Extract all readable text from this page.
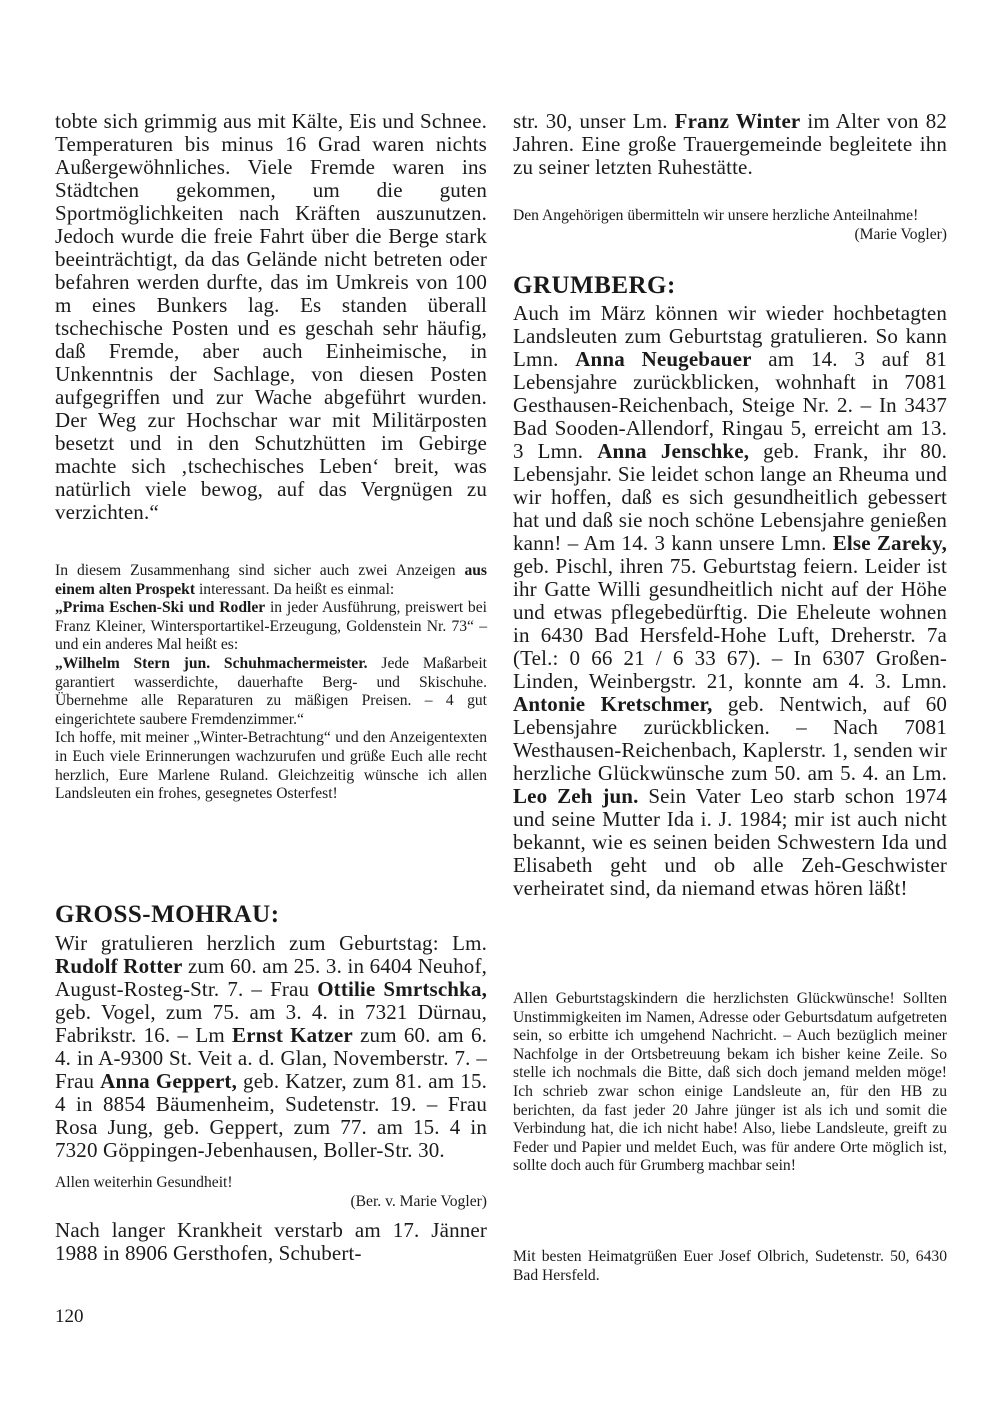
tobte sich grimmig aus mit Kälte, Eis und Schnee. Temperaturen bis minus 16 Grad waren nichts Außergewöhnliches. Viele Fremde waren ins Städtchen gekommen, um die guten Sportmöglichkeiten nach Kräften auszunutzen. Jedoch wurde die freie Fahrt über die Berge stark beeinträchtigt, da das Gelände nicht betreten oder befahren werden durfte, das im Umkreis von 100 m eines Bunkers lag. Es standen überall tschechische Posten und es geschah sehr häufig, daß Fremde, aber auch Einheimische, in Unkenntnis der Sachlage, von diesen Posten aufgegriffen und zur Wache abgeführt wurden. Der Weg zur Hochschar war mit Militärposten besetzt und in den Schutzhütten im Gebirge machte sich ‚tschechisches Leben‘ breit, was natürlich viele bewog, auf das Vergnügen zu verzichten.“

In diesem Zusammenhang sind sicher auch zwei Anzeigen aus einem alten Prospekt interessant. Da heißt es einmal:

„Prima Eschen-Ski und Rodler in jeder Ausführung, preiswert bei Franz Kleiner, Wintersportartikel-Erzeugung, Goldenstein Nr. 73“ – und ein anderes Mal heißt es:

„Wilhelm Stern jun. Schuhmachermeister. Jede Maßarbeit garantiert wasserdichte, dauerhafte Berg- und Skischuhe. Übernehme alle Reparaturen zu mäßigen Preisen. – 4 gut eingerichtete saubere Fremdenzimmer.“

Ich hoffe, mit meiner „Winter-Betrachtung“ und den Anzeigentexten in Euch viele Erinnerungen wachzurufen und grüße Euch alle recht herzlich, Eure Marlene Ruland. Gleichzeitig wünsche ich allen Landsleuten ein frohes, gesegnetes Osterfest!

GROSS-MOHRAU:

Wir gratulieren herzlich zum Geburtstag: Lm. Rudolf Rotter zum 60. am 25. 3. in 6404 Neuhof, August-Rosteg-Str. 7. – Frau Ottilie Smrtschka, geb. Vogel, zum 75. am 3. 4. in 7321 Dürnau, Fabrikstr. 16. – Lm Ernst Katzer zum 60. am 6. 4. in A-9300 St. Veit a. d. Glan, Novemberstr. 7. – Frau Anna Geppert, geb. Katzer, zum 81. am 15. 4 in 8854 Bäumenheim, Sudetenstr. 19. – Frau Rosa Jung, geb. Geppert, zum 77. am 15. 4 in 7320 Göppingen-Jebenhausen, Boller-Str. 30.

Allen weiterhin Gesundheit!
(Ber. v. Marie Vogler)

Nach langer Krankheit verstarb am 17. Jänner 1988 in 8906 Gersthofen, Schubert-

120

str. 30, unser Lm. Franz Winter im Alter von 82 Jahren. Eine große Trauergemeinde begleitete ihn zu seiner letzten Ruhestätte.

Den Angehörigen übermitteln wir unsere herzliche Anteilnahme!
(Marie Vogler)
GRUMBERG:

Auch im März können wir wieder hochbetagten Landsleuten zum Geburtstag gratulieren. So kann Lmn. Anna Neugebauer am 14. 3 auf 81 Lebensjahre zurückblicken, wohnhaft in 7081 Gesthausen-Reichenbach, Steige Nr. 2. – In 3437 Bad Sooden-Allendorf, Ringau 5, erreicht am 13. 3 Lmn. Anna Jenschke, geb. Frank, ihr 80. Lebensjahr. Sie leidet schon lange an Rheuma und wir hoffen, daß es sich gesundheitlich gebessert hat und daß sie noch schöne Lebensjahre genießen kann! – Am 14. 3 kann unsere Lmn. Else Zareky, geb. Pischl, ihren 75. Geburtstag feiern. Leider ist ihr Gatte Willi gesundheitlich nicht auf der Höhe und etwas pflegebedürftig. Die Eheleute wohnen in 6430 Bad Hersfeld-Hohe Luft, Dreherstr. 7a (Tel.: 0 66 21 / 6 33 67). – In 6307 Großen-Linden, Weinbergstr. 21, konnte am 4. 3. Lmn. Antonie Kretschmer, geb. Nentwich, auf 60 Lebensjahre zurückblicken. – Nach 7081 Westhausen-Reichenbach, Kaplerstr. 1, senden wir herzliche Glückwünsche zum 50. am 5. 4. an Lm. Leo Zeh jun. Sein Vater Leo starb schon 1974 und seine Mutter Ida i. J. 1984; mir ist auch nicht bekannt, wie es seinen beiden Schwestern Ida und Elisabeth geht und ob alle Zeh-Geschwister verheiratet sind, da niemand etwas hören läßt!

Allen Geburtstagskindern die herzlichsten Glückwünsche! Sollten Unstimmigkeiten im Namen, Adresse oder Geburtsdatum aufgetreten sein, so erbitte ich umgehend Nachricht. – Auch bezüglich meiner Nachfolge in der Ortsbetreuung bekam ich bisher keine Zeile. So stelle ich nochmals die Bitte, daß sich doch jemand melden möge! Ich schrieb zwar schon einige Landsleute an, für den HB zu berichten, da fast jeder 20 Jahre jünger ist als ich und somit die Verbindung hat, die ich nicht habe! Also, liebe Landsleute, greift zu Feder und Papier und meldet Euch, was für andere Orte möglich ist, sollte doch auch für Grumberg machbar sein!
Mit besten Heimatgrüßen Euer Josef Olbrich, Sudetenstr. 50, 6430 Bad Hersfeld.
